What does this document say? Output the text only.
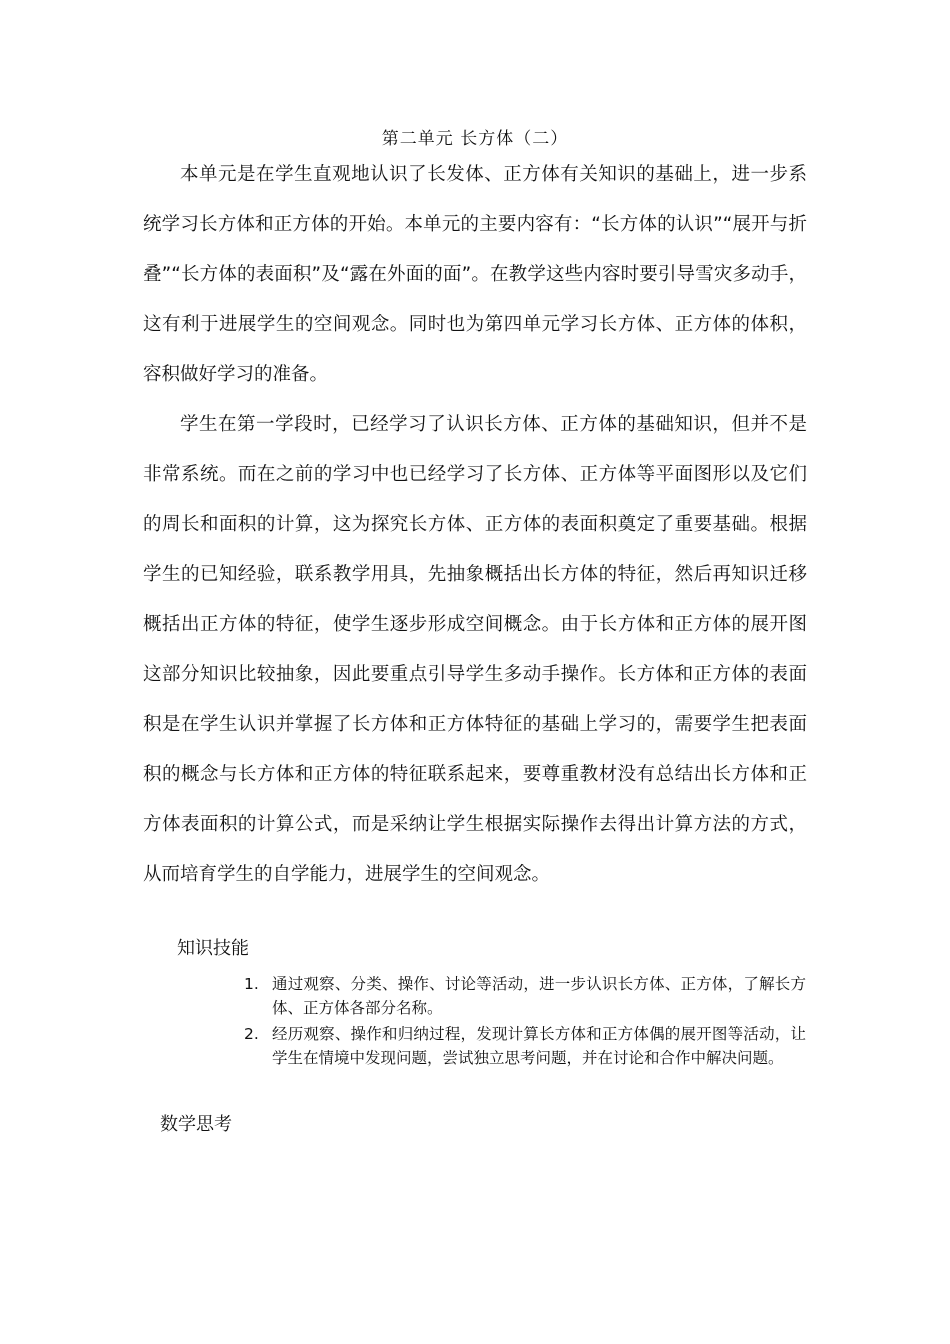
第二单元 长方体（二）

本单元是在学生直观地认识了长发体、正方体有关知识的基础上，进一步系统学习长方体和正方体的开始。本单元的主要内容有：“长方体的认识”“展开与折叠”“长方体的表面积”及“露在外面的面”。在教学这些内容时要引导雪灾多动手，这有利于进展学生的空间观念。同时也为第四单元学习长方体、正方体的体积，容积做好学习的准备。

学生在第一学段时，已经学习了认识长方体、正方体的基础知识，但并不是非常系统。而在之前的学习中也已经学习了长方体、正方体等平面图形以及它们的周长和面积的计算，这为探究长方体、正方体的表面积奠定了重要基础。根据学生的已知经验，联系教学用具，先抽象概括出长方体的特征，然后再知识迁移概括出正方体的特征，使学生逐步形成空间概念。由于长方体和正方体的展开图这部分知识比较抽象，因此要重点引导学生多动手操作。长方体和正方体的表面积是在学生认识并掌握了长方体和正方体特征的基础上学习的，需要学生把表面积的概念与长方体和正方体的特征联系起来，要尊重教材没有总结出长方体和正方体表面积的计算公式，而是采纳让学生根据实际操作去得出计算方法的方式，从而培育学生的自学能力，进展学生的空间观念。

知识技能
1. 通过观察、分类、操作、讨论等活动，进一步认识长方体、正方体，了解长方体、正方体各部分名称。
2. 经历观察、操作和归纳过程，发现计算长方体和正方体偶的展开图等活动，让学生在情境中发现问题，尝试独立思考问题，并在讨论和合作中解决问题。
数学思考
